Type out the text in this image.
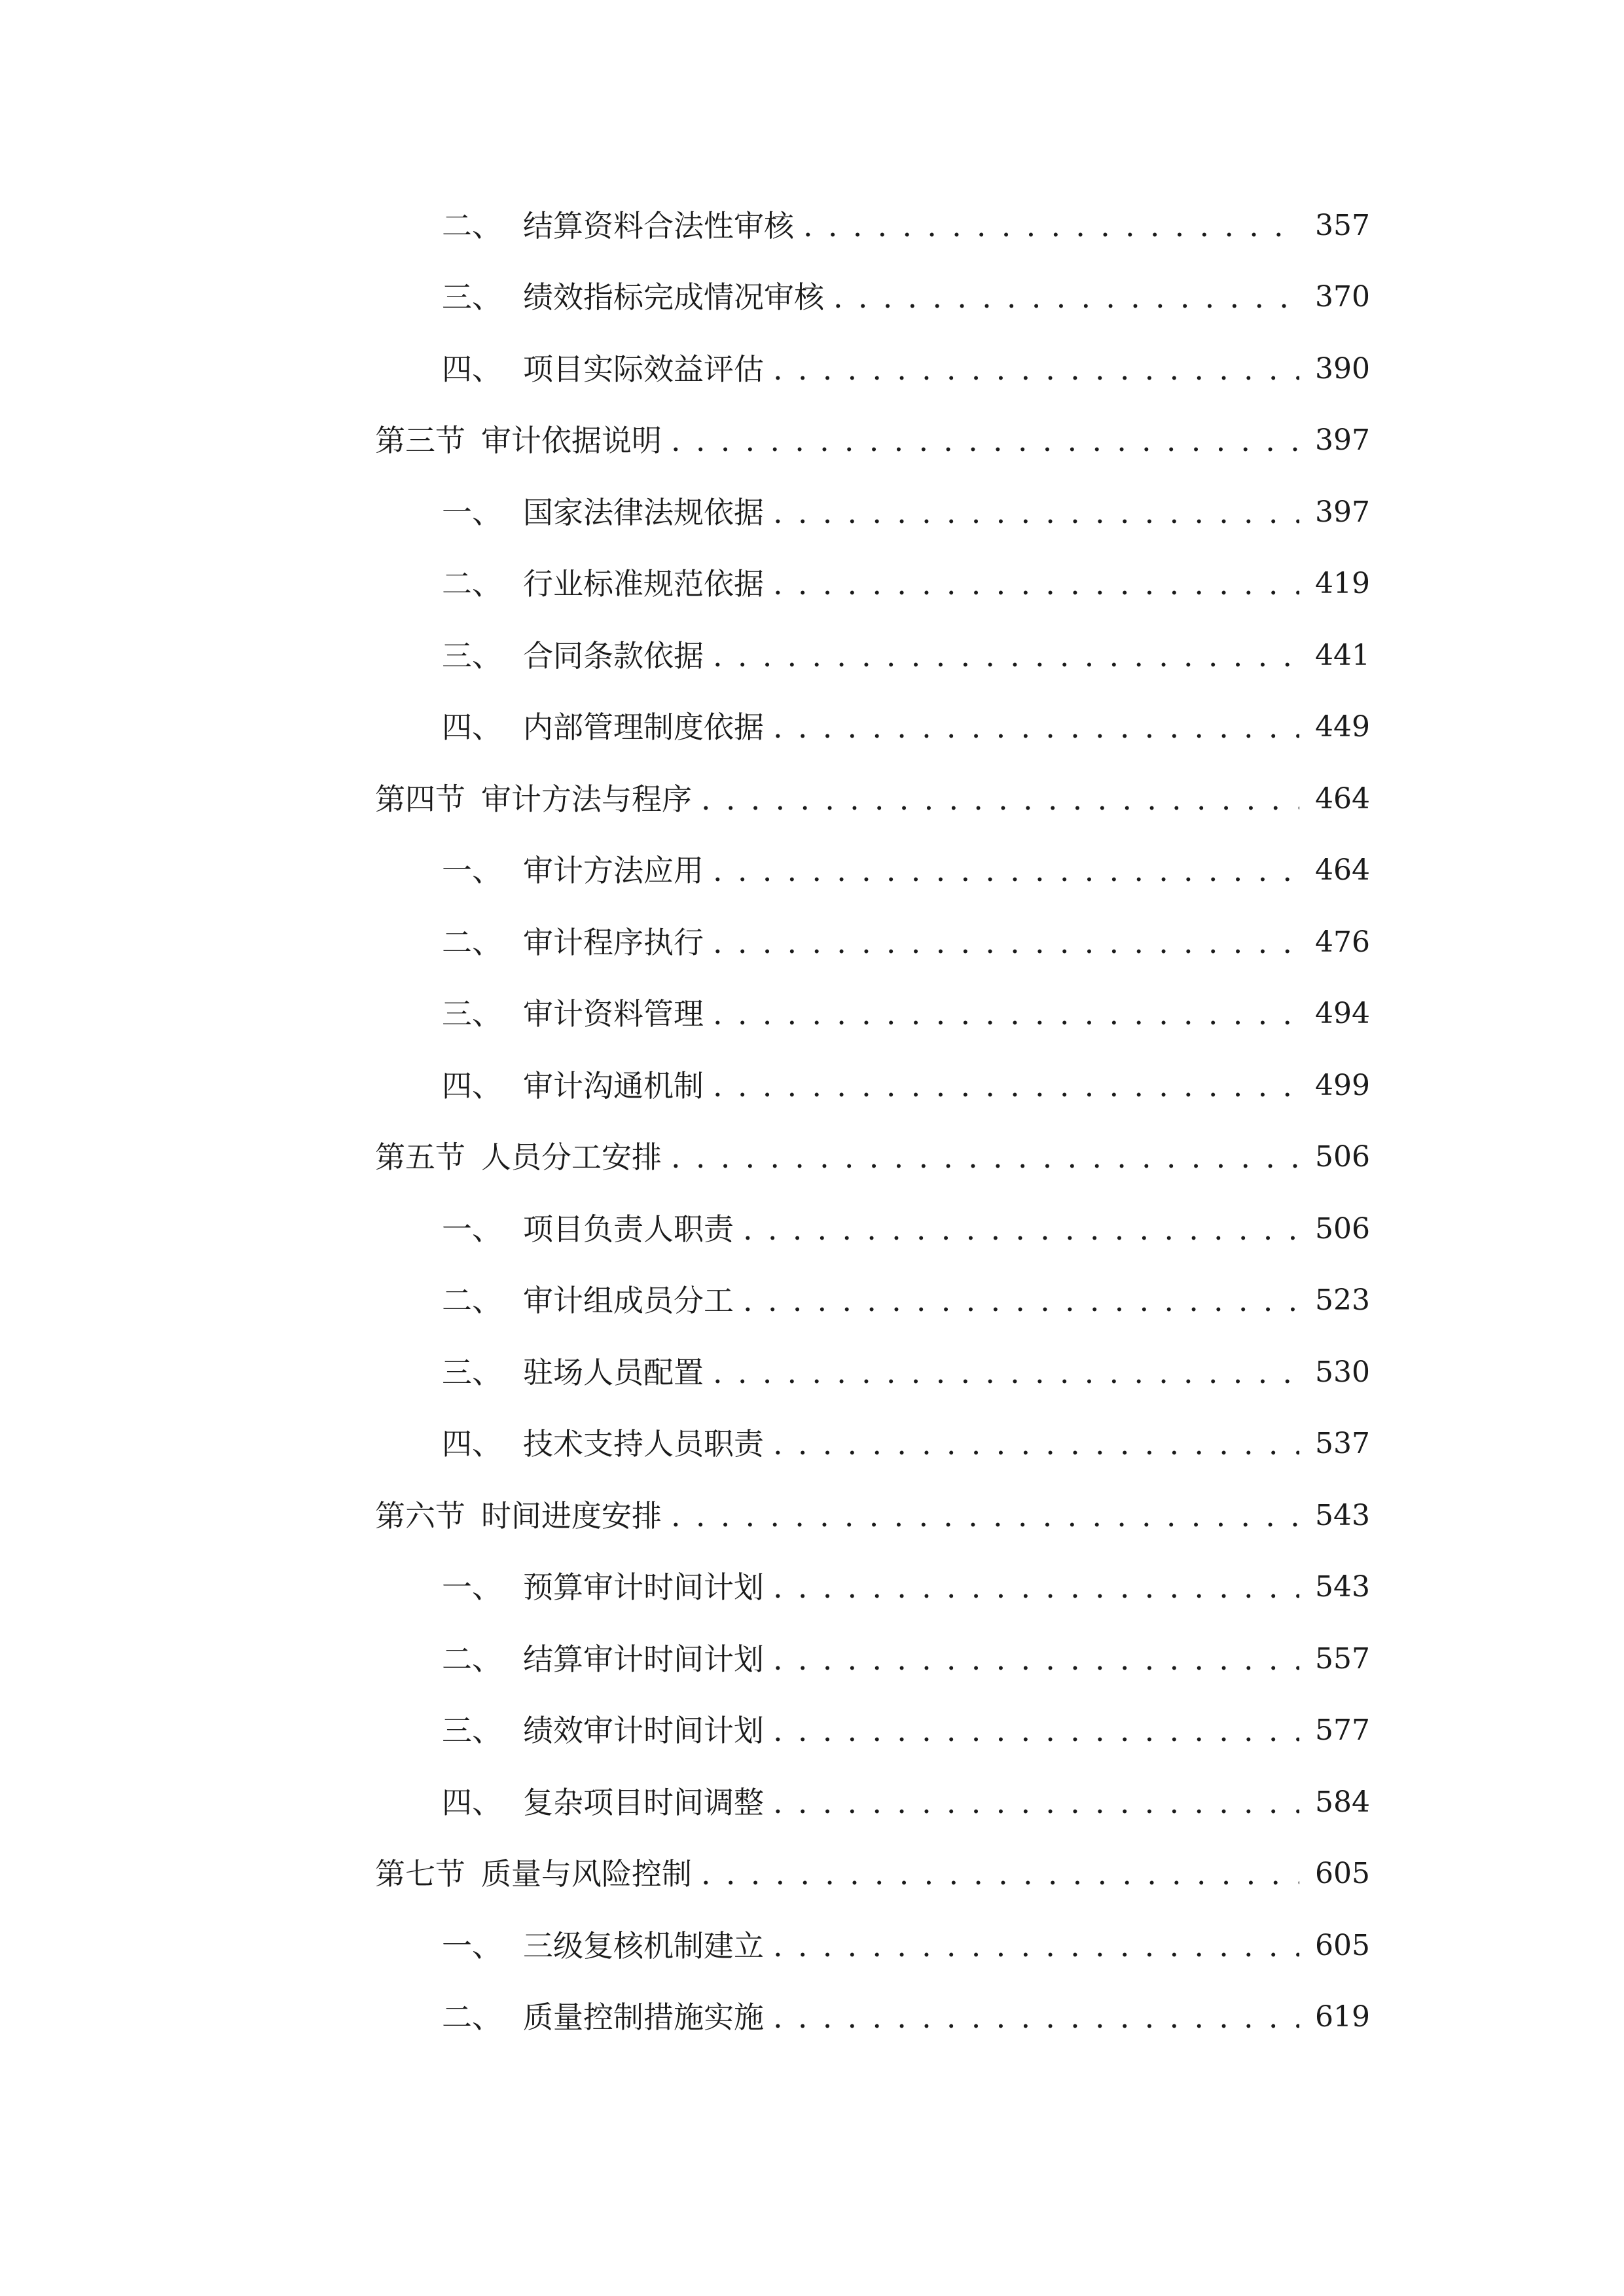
二、 结算资料合法性审核 . . .	357
三、 绩效指标完成情况审核 . . .	370
四、 项目实际效益评估 . . .	390
第三节 审计依据说明 . . .	397
一、 国家法律法规依据 . . .	397
二、 行业标准规范依据 . . .	419
三、 合同条款依据 . . .	441
四、 内部管理制度依据 . . .	449
第四节 审计方法与程序 . . .	464
一、 审计方法应用 . . .	464
二、 审计程序执行 . . .	476
三、 审计资料管理 . . .	494
四、 审计沟通机制 . . .	499
第五节 人员分工安排 . . .	506
一、 项目负责人职责 . . .	506
二、 审计组成员分工 . . .	523
三、 驻场人员配置 . . .	530
四、 技术支持人员职责 . . .	537
第六节 时间进度安排 . . .	543
一、 预算审计时间计划 . . .	543
二、 结算审计时间计划 . . .	557
三、 绩效审计时间计划 . . .	577
四、 复杂项目时间调整 . . .	584
第七节 质量与风险控制 . . .	605
一、 三级复核机制建立 . . .	605
二、 质量控制措施实施 . . .	619
